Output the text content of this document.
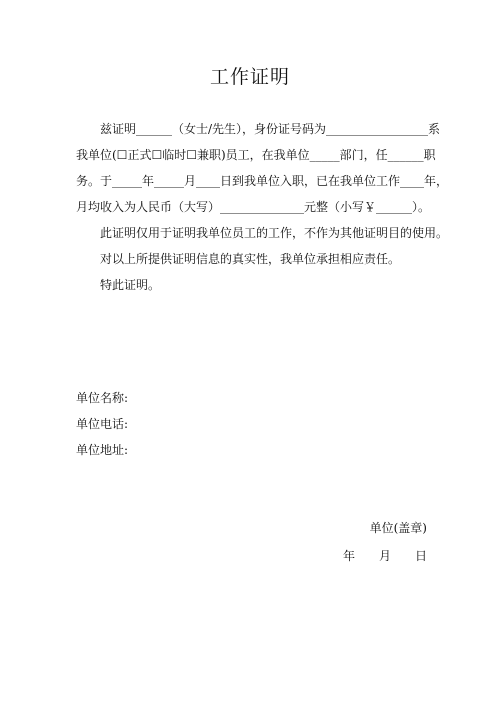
工作证明
兹证明______（女士/先生），身份证号码为_________________系
我单位(☐正式☐临时☐兼职)员工，在我单位_____部门，任______职
务。于_____年_____月____日到我单位入职，已在我单位工作____年，
月均收入为人民币（大写）______________元整（小写￥______）。
此证明仅用于证明我单位员工的工作，不作为其他证明目的使用。
对以上所提供证明信息的真实性，我单位承担相应责任。
特此证明。
单位名称:
单位电话:
单位地址:
单位(盖章)
年　　月　　日
